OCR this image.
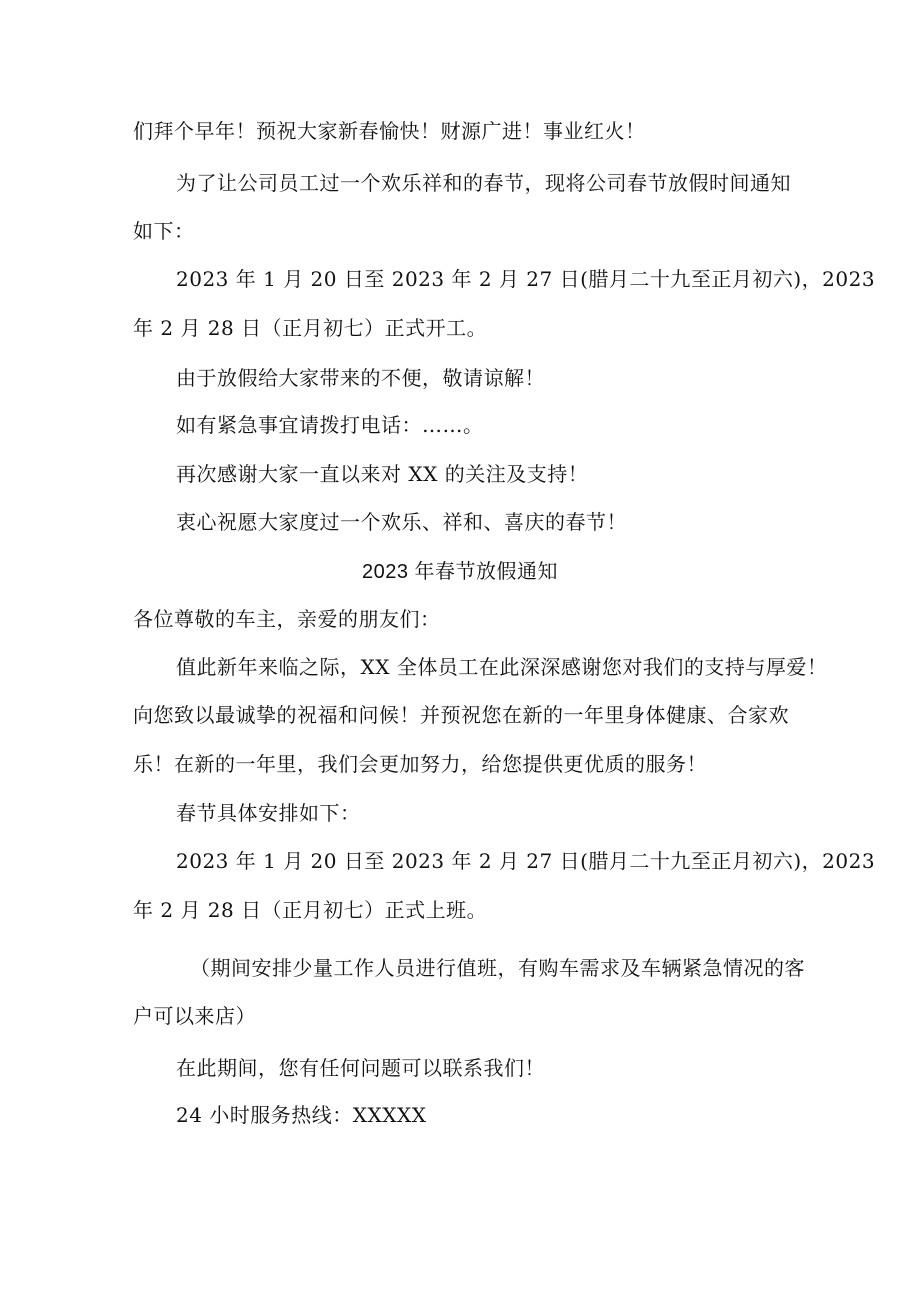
们拜个早年！预祝大家新春愉快！财源广进！事业红火！
为了让公司员工过一个欢乐祥和的春节，现将公司春节放假时间通知
如下：
2023 年 1 月 20 日至 2023 年 2 月 27 日(腊月二十九至正月初六)，2023
年 2 月 28 日（正月初七）正式开工。
由于放假给大家带来的不便，敬请谅解！
如有紧急事宜请拨打电话：……。
再次感谢大家一直以来对 XX 的关注及支持！
衷心祝愿大家度过一个欢乐、祥和、喜庆的春节！
2023 年春节放假通知
各位尊敬的车主，亲爱的朋友们：
值此新年来临之际，XX 全体员工在此深深感谢您对我们的支持与厚爱！
向您致以最诚挚的祝福和问候！并预祝您在新的一年里身体健康、合家欢
乐！在新的一年里，我们会更加努力，给您提供更优质的服务！
春节具体安排如下：
2023 年 1 月 20 日至 2023 年 2 月 27 日(腊月二十九至正月初六)，2023
年 2 月 28 日（正月初七）正式上班。
（期间安排少量工作人员进行值班，有购车需求及车辆紧急情况的客
户可以来店）
在此期间，您有任何问题可以联系我们！
24 小时服务热线：XXXXX
